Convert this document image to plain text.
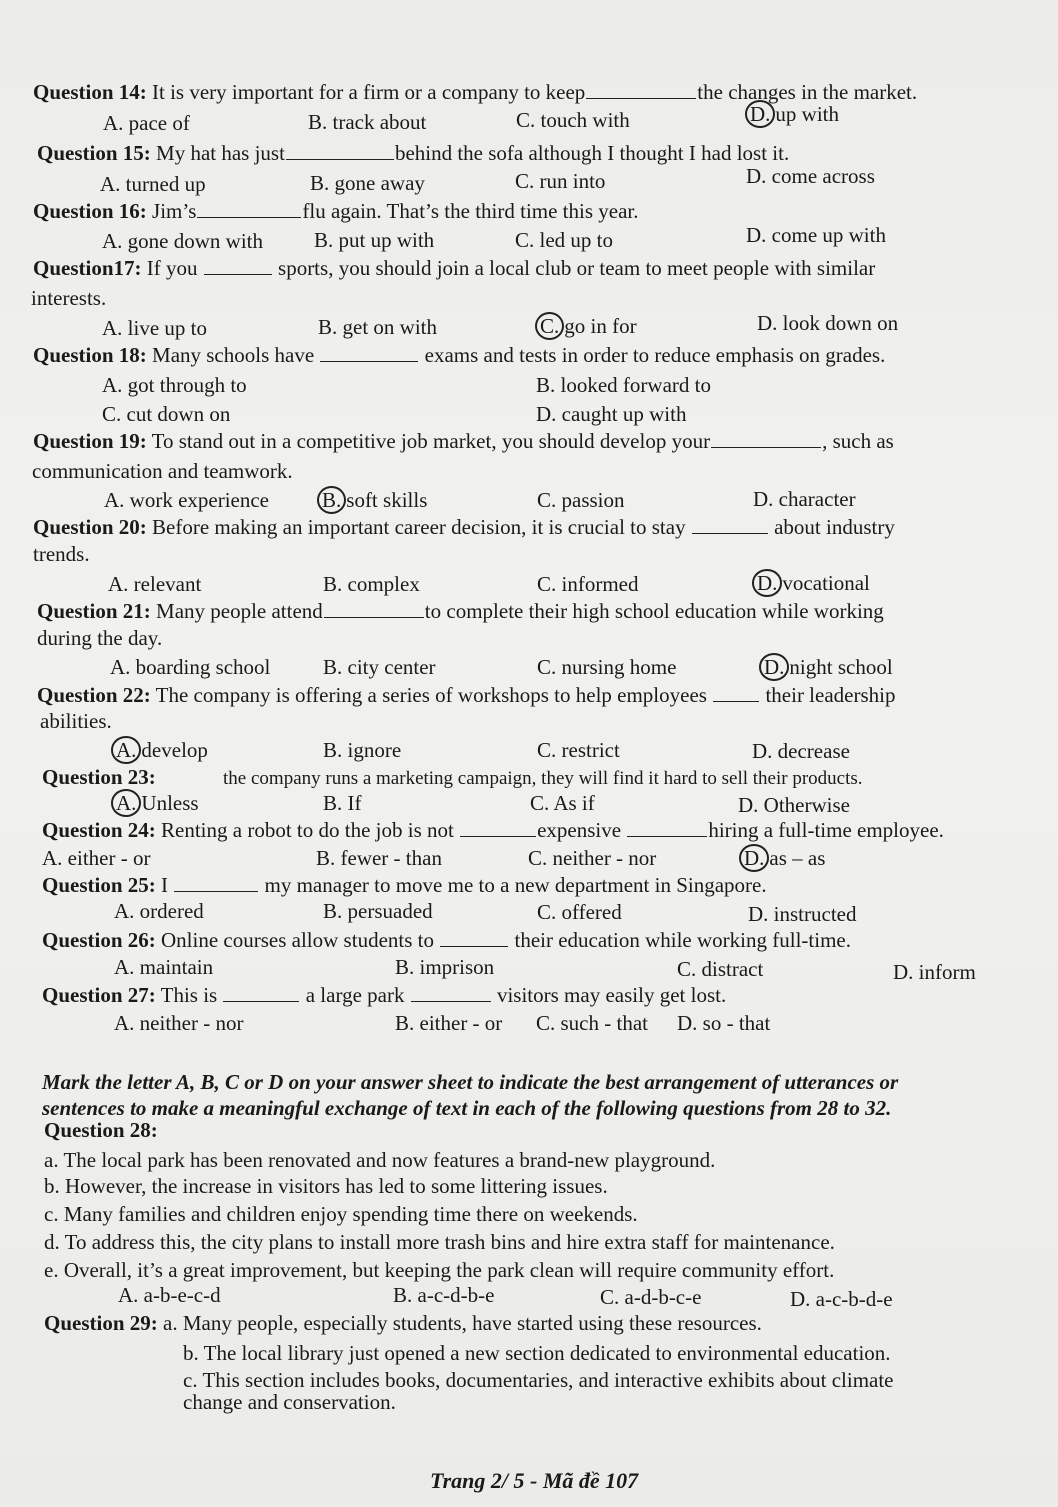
Question 14: It is very important for a firm or a company to keep	the changes in the market.
A. pace of	B. track about	C. touch with	D. up with
Question 15: My hat has just	behind the sofa although I thought I had lost it.
A. turned up	B. gone away	C. run into	D. come across
Question 16: Jim’s	flu again. That’s the third time this year.
A. gone down with B. put up with	C. led up to	D. come up with
Question17: If you	sports, you should join a local club or team to meet people with similar
interests.
A. live up to	B. get on with	C. go in for	D. look down on
Question 18: Many schools have	exams and tests in order to reduce emphasis on grades.
A. got through to	B. looked forward to
C. cut down on	D. caught up with
Question 19: To stand out in a competitive job market, you should develop your	, such as
communication and teamwork.
A. work experience	B. soft skills	C. passion	D. character
Question 20: Before making an important career decision, it is crucial to stay	about industry
trends.
A. relevant	B. complex	C. informed	D. vocational
Question 21: Many people attend	to complete their high school education while working
during the day.
A. boarding school	B. city center	C. nursing home	D. night school
Question 22: The company is offering a series of workshops to help employees	their leadership
abilities.
A. develop	B. ignore	C. restrict	D. decrease
Question 23:	the company runs a marketing campaign, they will find it hard to sell their products.
A. Unless	B. If	C. As if	D. Otherwise
Question 24: Renting a robot to do the job is not	expensive	hiring a full-time employee.
A. either - or	B. fewer - than	C. neither - nor	D. as – as
Question 25: I	my manager to move me to a new department in Singapore.
A. ordered	B. persuaded	C. offered	D. instructed
Question 26: Online courses allow students to	their education while working full-time.
A. maintain	B. imprison	C. distract	D. inform
Question 27: This is	a large park	visitors may easily get lost.
A. neither - nor	B. either - or C. such - that D. so - that
Mark the letter A, B, C or D on your answer sheet to indicate the best arrangement of utterances or
sentences to make a meaningful exchange of text in each of the following questions from 28 to 32.
Question 28:
a. The local park has been renovated and now features a brand-new playground.
b. However, the increase in visitors has led to some littering issues.
c. Many families and children enjoy spending time there on weekends.
d. To address this, the city plans to install more trash bins and hire extra staff for maintenance.
e. Overall, it’s a great improvement, but keeping the park clean will require community effort.
A. a-b-e-c-d	B. a-c-d-b-e	C. a-d-b-c-e	D. a-c-b-d-e
Question 29: a. Many people, especially students, have started using these resources.
b. The local library just opened a new section dedicated to environmental education.
c. This section includes books, documentaries, and interactive exhibits about climate
change and conservation.
Trang 2/ 5 - Mã đề 107
